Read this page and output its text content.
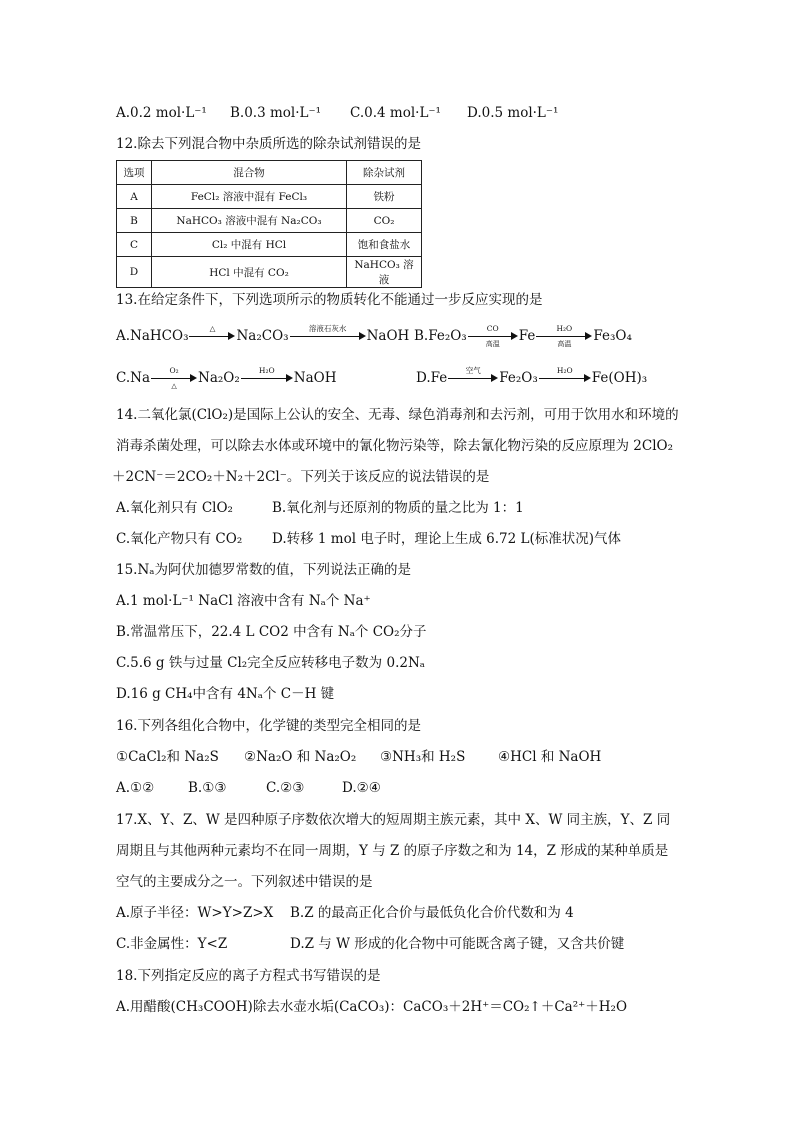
A.0.2 mol·L⁻¹ B.0.3 mol·L⁻¹ C.0.4 mol·L⁻¹ D.0.5 mol·L⁻¹
12.除去下列混合物中杂质所选的除杂试剂错误的是
选项	混合物	除杂试剂
A	FeCl₂ 溶液中混有 FeCl₃	铁粉
B	NaHCO₃ 溶液中混有 Na₂CO₃	CO₂
C	Cl₂ 中混有 HCl	饱和食盐水
D	HCl 中混有 CO₂	NaHCO₃ 溶液
13.在给定条件下，下列选项所示的物质转化不能通过一步反应实现的是
A.NaHCO₃	△	Na₂CO₃	溶液石灰水	NaOH B.Fe₂O₃	CO
高温	Fe	H₂O
高温	Fe₃O₄
C.Na	O₂
△	Na₂O₂	H₂O	NaOH	D.Fe	空气	Fe₂O₃	H₂O	Fe(OH)₃
14.二氧化氯(ClO₂)是国际上公认的安全、无毒、绿色消毒剂和去污剂，可用于饮用水和环境的
消毒杀菌处理，可以除去水体或环境中的氰化物污染等，除去氰化物污染的反应原理为 2ClO₂
＋2CN⁻＝2CO₂＋N₂＋2Cl⁻。下列关于该反应的说法错误的是
A.氧化剂只有 ClO₂	B.氧化剂与还原剂的物质的量之比为 1：1
C.氧化产物只有 CO₂ D.转移 1 mol 电子时，理论上生成 6.72 L(标准状况)气体
15.Nₐ为阿伏加德罗常数的值，下列说法正确的是
A.1 mol·L⁻¹ NaCl 溶液中含有 Nₐ个 Na⁺
B.常温常压下，22.4 L CO2 中含有 Nₐ个 CO₂分子
C.5.6 g 铁与过量 Cl₂完全反应转移电子数为 0.2Nₐ
D.16 g CH₄中含有 4Nₐ个 C－H 键
16.下列各组化合物中，化学键的类型完全相同的是
①CaCl₂和 Na₂S ②Na₂O 和 Na₂O₂ ③NH₃和 H₂S ④HCl 和 NaOH
A.①②	B.①③	C.②③	D.②④
17.X、Y、Z、W 是四种原子序数依次增大的短周期主族元素，其中 X、W 同主族，Y、Z 同
周期且与其他两种元素均不在同一周期，Y 与 Z 的原子序数之和为 14，Z 形成的某种单质是
空气的主要成分之一。下列叙述中错误的是
A.原子半径：W>Y>Z>X B.Z 的最高正化合价与最低负化合价代数和为 4
C.非金属性：Y<Z	D.Z 与 W 形成的化合物中可能既含离子键，又含共价键
18.下列指定反应的离子方程式书写错误的是
A.用醋酸(CH₃COOH)除去水壶水垢(CaCO₃)：CaCO₃＋2H⁺＝CO₂↑＋Ca²⁺＋H₂O
